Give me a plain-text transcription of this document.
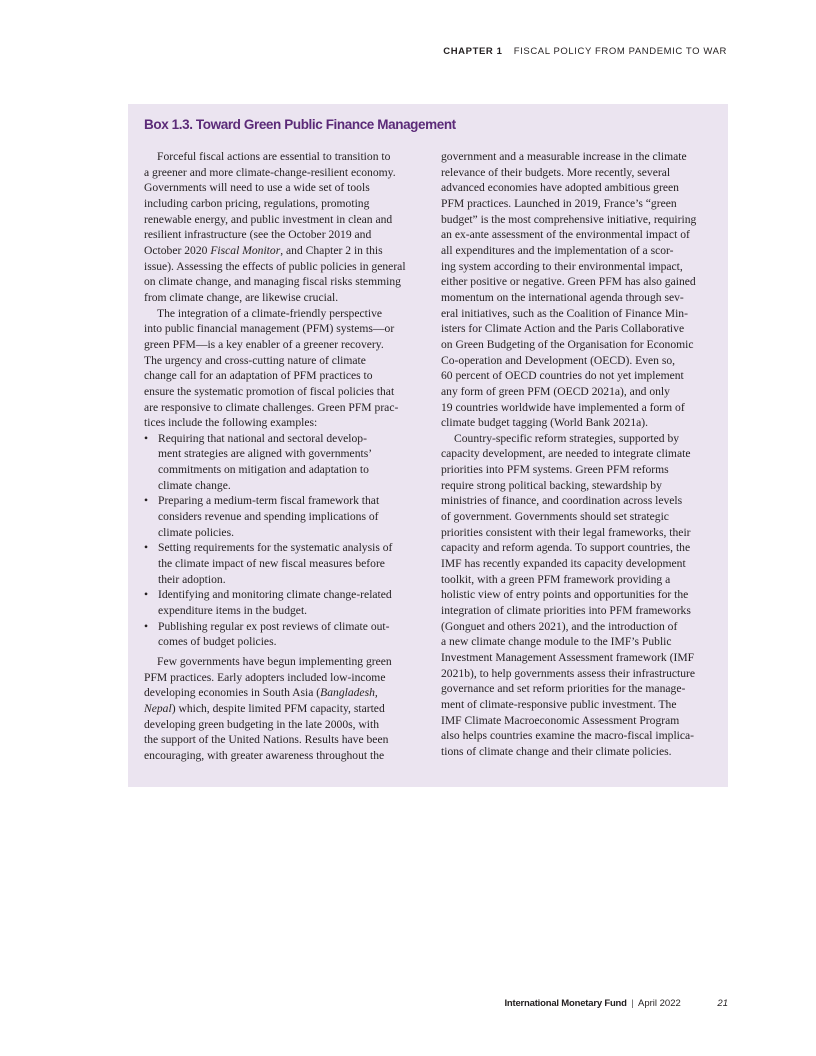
CHAPTER 1 FISCAL POLICY FROM PANDEMIC TO WAR
Box 1.3. Toward Green Public Finance Management

Forceful fiscal actions are essential to transition to
a greener and more climate-change-resilient economy.
Governments will need to use a wide set of tools
including carbon pricing, regulations, promoting
renewable energy, and public investment in clean and
resilient infrastructure (see the October 2019 and
October 2020 Fiscal Monitor, and Chapter 2 in this
issue). Assessing the effects of public policies in general
on climate change, and managing fiscal risks stemming
from climate change, are likewise crucial.

The integration of a climate-friendly perspective
into public financial management (PFM) systems—or
green PFM—is a key enabler of a greener recovery.
The urgency and cross-cutting nature of climate
change call for an adaptation of PFM practices to
ensure the systematic promotion of fiscal policies that
are responsive to climate challenges. Green PFM prac-
tices include the following examples:

• Requiring that national and sectoral develop-
ment strategies are aligned with governments’
commitments on mitigation and adaptation to
climate change.
• Preparing a medium-term fiscal framework that
considers revenue and spending implications of
climate policies.
• Setting requirements for the systematic analysis of
the climate impact of new fiscal measures before
their adoption.
• Identifying and monitoring climate change-related
expenditure items in the budget.
• Publishing regular ex post reviews of climate out-
comes of budget policies.

Few governments have begun implementing green
PFM practices. Early adopters included low-income
developing economies in South Asia (Bangladesh,
Nepal) which, despite limited PFM capacity, started
developing green budgeting in the late 2000s, with
the support of the United Nations. Results have been
encouraging, with greater awareness throughout the

government and a measurable increase in the climate
relevance of their budgets. More recently, several
advanced economies have adopted ambitious green
PFM practices. Launched in 2019, France’s “green
budget” is the most comprehensive initiative, requiring
an ex-ante assessment of the environmental impact of
all expenditures and the implementation of a scor-
ing system according to their environmental impact,
either positive or negative. Green PFM has also gained
momentum on the international agenda through sev-
eral initiatives, such as the Coalition of Finance Min-
isters for Climate Action and the Paris Collaborative
on Green Budgeting of the Organisation for Economic
Co-operation and Development (OECD). Even so,
60 percent of OECD countries do not yet implement
any form of green PFM (OECD 2021a), and only
19 countries worldwide have implemented a form of
climate budget tagging (World Bank 2021a).

Country-specific reform strategies, supported by
capacity development, are needed to integrate climate
priorities into PFM systems. Green PFM reforms
require strong political backing, stewardship by
ministries of finance, and coordination across levels
of government. Governments should set strategic
priorities consistent with their legal frameworks, their
capacity and reform agenda. To support countries, the
IMF has recently expanded its capacity development
toolkit, with a green PFM framework providing a
holistic view of entry points and opportunities for the
integration of climate priorities into PFM frameworks
(Gonguet and others 2021), and the introduction of
a new climate change module to the IMF’s Public
Investment Management Assessment framework (IMF
2021b), to help governments assess their infrastructure
governance and set reform priorities for the manage-
ment of climate-responsive public investment. The
IMF Climate Macroeconomic Assessment Program
also helps countries examine the macro-fiscal implica-
tions of climate change and their climate policies.

International Monetary Fund | April 2022	21
